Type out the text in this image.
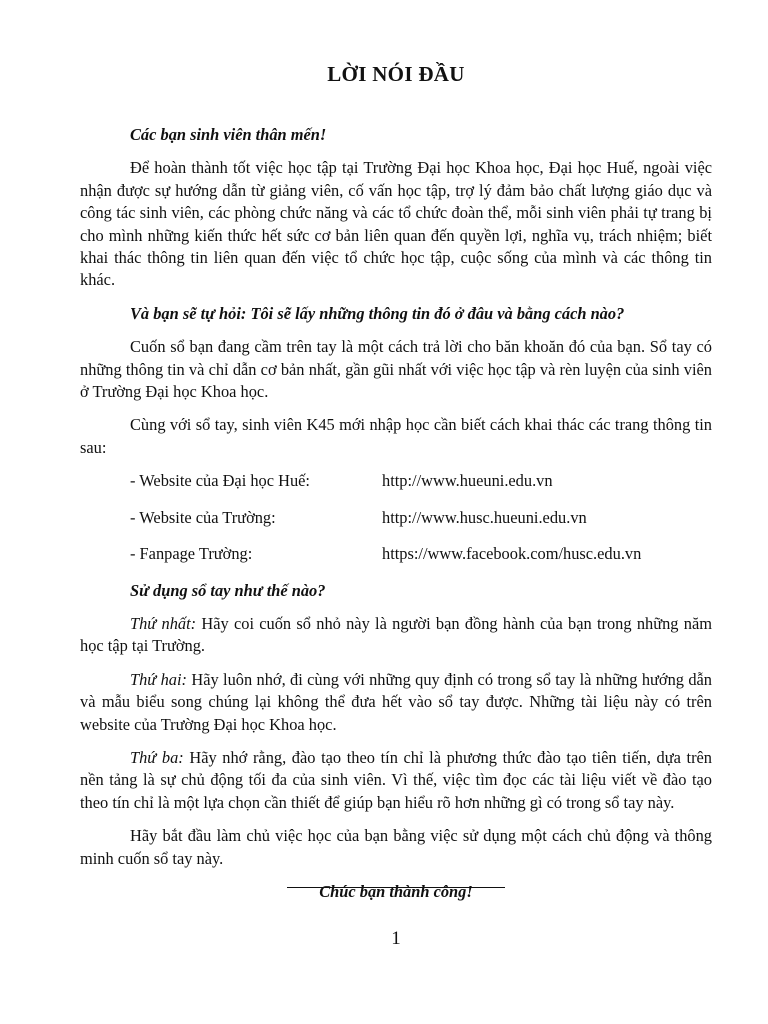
LỜI NÓI ĐẦU

Các bạn sinh viên thân mến!

Để hoàn thành tốt việc học tập tại Trường Đại học Khoa học, Đại học Huế, ngoài việc nhận được sự hướng dẫn từ giảng viên, cố vấn học tập, trợ lý đảm bảo chất lượng giáo dục và công tác sinh viên, các phòng chức năng và các tổ chức đoàn thể, mỗi sinh viên phải tự trang bị cho mình những kiến thức hết sức cơ bản liên quan đến quyền lợi, nghĩa vụ, trách nhiệm; biết khai thác thông tin liên quan đến việc tổ chức học tập, cuộc sống của mình và các thông tin khác.

Và bạn sẽ tự hỏi: Tôi sẽ lấy những thông tin đó ở đâu và bằng cách nào?

Cuốn sổ bạn đang cầm trên tay là một cách trả lời cho băn khoăn đó của bạn. Sổ tay có những thông tin và chỉ dẫn cơ bản nhất, gần gũi nhất với việc học tập và rèn luyện của sinh viên ở Trường Đại học Khoa học.

Cùng với sổ tay, sinh viên K45 mới nhập học cần biết cách khai thác các trang thông tin sau:

- Website của Đại học Huế:	http://www.hueuni.edu.vn
- Website của Trường:	http://www.husc.hueuni.edu.vn
- Fanpage Trường:	https://www.facebook.com/husc.edu.vn

Sử dụng sổ tay như thế nào?

Thứ nhất: Hãy coi cuốn sổ nhỏ này là người bạn đồng hành của bạn trong những năm học tập tại Trường.

Thứ hai: Hãy luôn nhớ, đi cùng với những quy định có trong sổ tay là những hướng dẫn và mẫu biểu song chúng lại không thể đưa hết vào sổ tay được. Những tài liệu này có trên website của Trường Đại học Khoa học.

Thứ ba: Hãy nhớ rằng, đào tạo theo tín chỉ là phương thức đào tạo tiên tiến, dựa trên nền tảng là sự chủ động tối đa của sinh viên. Vì thế, việc tìm đọc các tài liệu viết về đào tạo theo tín chỉ là một lựa chọn cần thiết để giúp bạn hiểu rõ hơn những gì có trong sổ tay này.

Hãy bắt đầu làm chủ việc học của bạn bằng việc sử dụng một cách chủ động và thông minh cuốn sổ tay này.

Chúc bạn thành công!

1
